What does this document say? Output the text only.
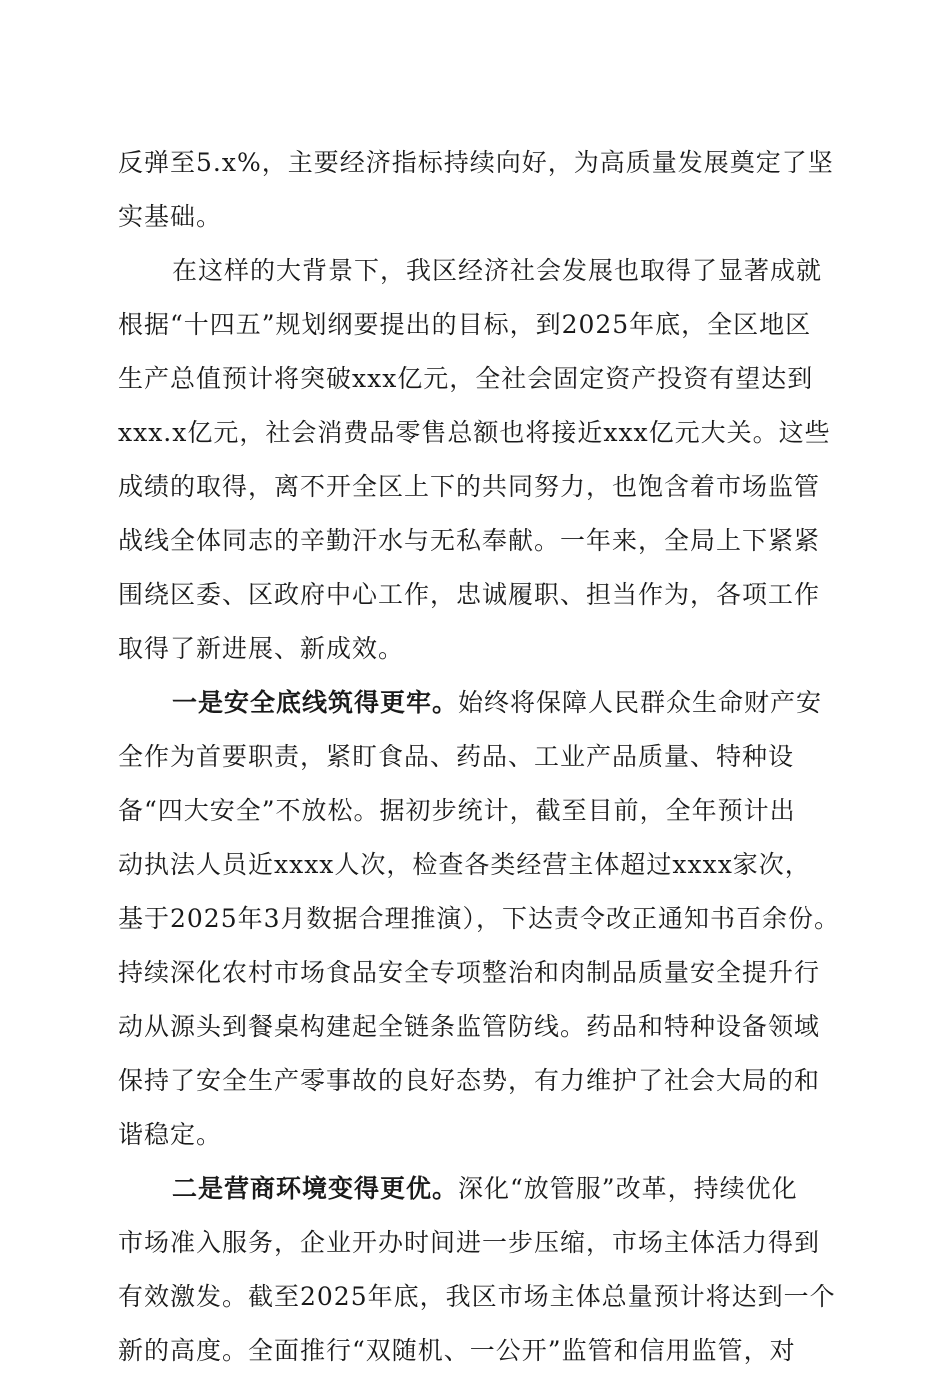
反弹至5.x%，主要经济指标持续向好，为高质量发展奠定了坚
实基础。
在这样的大背景下，我区经济社会发展也取得了显著成就
根据“十四五”规划纲要提出的目标，到2025年底，全区地区
生产总值预计将突破xxx亿元，全社会固定资产投资有望达到
xxx.x亿元，社会消费品零售总额也将接近xxx亿元大关。这些
成绩的取得，离不开全区上下的共同努力，也饱含着市场监管
战线全体同志的辛勤汗水与无私奉献。一年来，全局上下紧紧
围绕区委、区政府中心工作，忠诚履职、担当作为，各项工作
取得了新进展、新成效。
一是安全底线筑得更牢。始终将保障人民群众生命财产安
全作为首要职责，紧盯食品、药品、工业产品质量、特种设
备“四大安全”不放松。据初步统计，截至目前，全年预计出
动执法人员近xxxx人次，检查各类经营主体超过xxxx家次，
基于2025年3月数据合理推演），下达责令改正通知书百余份。
持续深化农村市场食品安全专项整治和肉制品质量安全提升行
动从源头到餐桌构建起全链条监管防线。药品和特种设备领域
保持了安全生产零事故的良好态势，有力维护了社会大局的和
谐稳定。
二是营商环境变得更优。深化“放管服”改革，持续优化
市场准入服务，企业开办时间进一步压缩，市场主体活力得到
有效激发。截至2025年底，我区市场主体总量预计将达到一个
新的高度。全面推行“双随机、一公开”监管和信用监管，对
